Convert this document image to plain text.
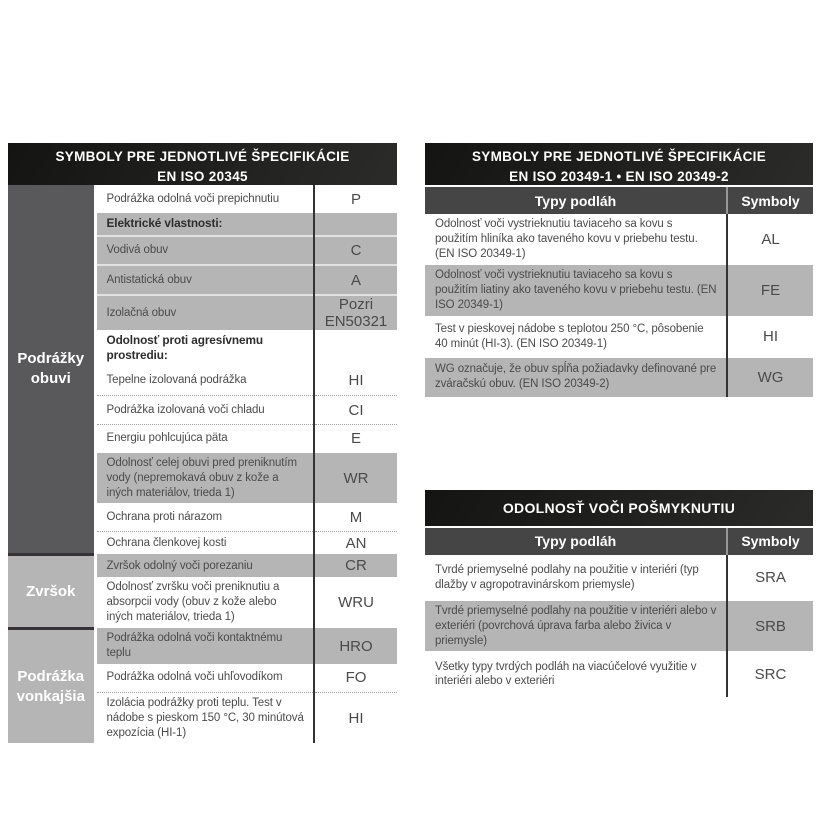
SYMBOLY PRE JEDNOTLIVÉ ŠPECIFIKÁCIE
EN ISO 20345
Podrážky obuvi	Podrážka odolná voči prepichnutiu	P
	Elektrické vlastnosti:	
	Vodivá obuv	C
	Antistatická obuv	A
	Izolačná obuv	Pozri EN50321
	Odolnosť proti agresívnemu prostrediu:	
	Tepelne izolovaná podrážka	HI
	Podrážka izolovaná voči chladu	CI
	Energiu pohlcujúca päta	E
	Odolnosť celej obuvi pred preniknutím vody (nepremokavá obuv z kože a iných materiálov, trieda 1)	WR
	Ochrana proti nárazom	M
	Ochrana členkovej kosti	AN
Zvršok	Zvršok odolný voči porezaniu	CR
	Odolnosť zvršku voči preniknutiu a absorpcii vody (obuv z kože alebo iných materiálov, trieda 1)	WRU
Podrážka vonkajšia	Podrážka odolná voči kontaktnému teplu	HRO
	Podrážka odolná voči uhľovodíkom	FO
	Izolácia podrážky proti teplu. Test v nádobe s pieskom 150 °C, 30 minútová expozícia (HI-1)	HI
SYMBOLY PRE JEDNOTLIVÉ ŠPECIFIKÁCIE
EN ISO 20349-1 • EN ISO 20349-2
Typy podláh	Symboly
Odolnosť voči vystrieknutiu taviaceho sa kovu s použitím hliníka ako taveného kovu v priebehu testu. (EN ISO 20349-1)	AL
Odolnosť voči vystrieknutiu taviaceho sa kovu s použitím liatiny ako taveného kovu v priebehu testu. (EN ISO 20349-1)	FE
Test v pieskovej nádobe s teplotou 250 °C, pôsobenie 40 minút (HI-3). (EN ISO 20349-1)	HI
WG označuje, že obuv spĺňa požiadavky definované pre zváračskú obuv. (EN ISO 20349-2)	WG
ODOLNOSŤ VOČI POŠMYKNUTIU
Typy podláh	Symboly
Tvrdé priemyselné podlahy na použitie v interiéri (typ dlažby v agropotravinárskom priemysle)	SRA
Tvrdé priemyselné podlahy na použitie v interiéri alebo v exteriéri (povrchová úprava farba alebo živica v priemysle)	SRB
Všetky typy tvrdých podláh na viacúčelové využitie v interiéri alebo v exteriéri	SRC
